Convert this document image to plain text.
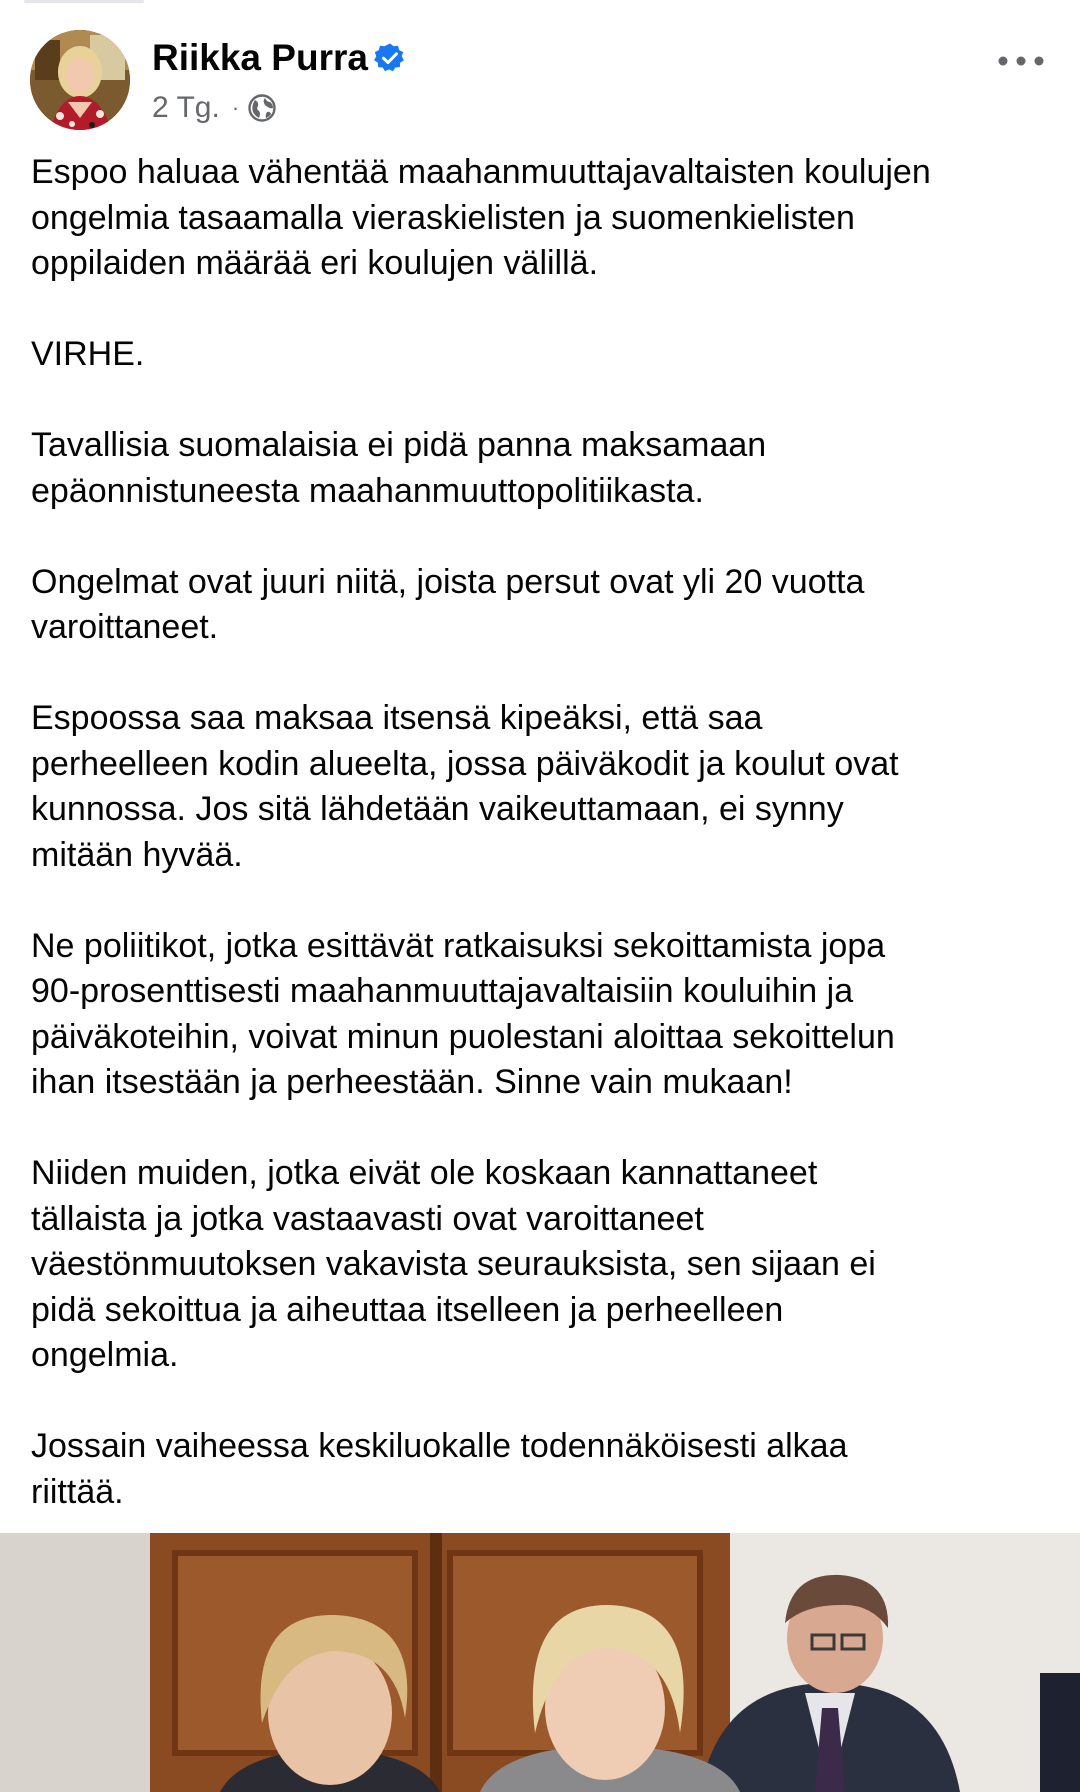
Riikka Purra
2 Tg. ·

Espoo haluaa vähentää maahanmuuttajavaltaisten koulujen
ongelmia tasaamalla vieraskielisten ja suomenkielisten
oppilaiden määrää eri koulujen välillä.

VIRHE.

Tavallisia suomalaisia ei pidä panna maksamaan
epäonnistuneesta maahanmuuttopolitiikasta.

Ongelmat ovat juuri niitä, joista persut ovat yli 20 vuotta
varoittaneet.

Espoossa saa maksaa itsensä kipeäksi, että saa
perheelleen kodin alueelta, jossa päiväkodit ja koulut ovat
kunnossa. Jos sitä lähdetään vaikeuttamaan, ei synny
mitään hyvää.

Ne poliitikot, jotka esittävät ratkaisuksi sekoittamista jopa
90-prosenttisesti maahanmuuttajavaltaisiin kouluihin ja
päiväkoteihin, voivat minun puolestani aloittaa sekoittelun
ihan itsestään ja perheestään. Sinne vain mukaan!

Niiden muiden, jotka eivät ole koskaan kannattaneet
tällaista ja jotka vastaavasti ovat varoittaneet
väestönmuutoksen vakavista seurauksista, sen sijaan ei
pidä sekoittua ja aiheuttaa itselleen ja perheelleen
ongelmia.

Jossain vaiheessa keskiluokalle todennäköisesti alkaa
riittää.
